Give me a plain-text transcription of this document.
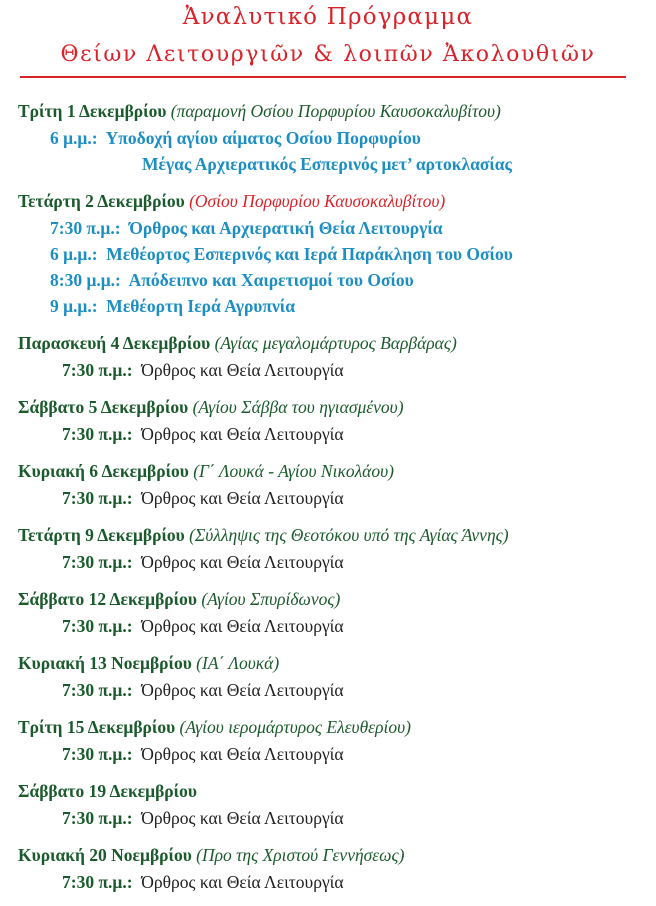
Ἀναλυτικό Πρόγραμμα
Θείων Λειτουργιῶν & λοιπῶν Ἀκολουθιῶν
Τρίτη 1 Δεκεμβρίου (παραμονή Οσίου Πορφυρίου Καυσοκαλυβίτου)
6 μ.μ.: Υποδοχή αγίου αίματος Οσίου Πορφυρίου
Μέγας Αρχιερατικός Εσπερινός μετ’ αρτοκλασίας
Τετάρτη 2 Δεκεμβρίου (Οσίου Πορφυρίου Καυσοκαλυβίτου)
7:30 π.μ.: Όρθρος και Αρχιερατική Θεία Λειτουργία
6 μ.μ.: Μεθέορτος Εσπερινός και Ιερά Παράκληση του Οσίου
8:30 μ.μ.: Απόδειπνο και Χαιρετισμοί του Οσίου
9 μ.μ.: Μεθέορτη Ιερά Αγρυπνία
Παρασκευή 4 Δεκεμβρίου (Αγίας μεγαλομάρτυρος Βαρβάρας)
7:30 π.μ.: Όρθρος και Θεία Λειτουργία
Σάββατο 5 Δεκεμβρίου (Αγίου Σάββα του ηγιασμένου)
7:30 π.μ.: Όρθρος και Θεία Λειτουργία
Κυριακή 6 Δεκεμβρίου (Γ΄ Λουκά - Αγίου Νικολάου)
7:30 π.μ.: Όρθρος και Θεία Λειτουργία
Τετάρτη 9 Δεκεμβρίου (Σύλληψις της Θεοτόκου υπό της Αγίας Άννης)
7:30 π.μ.: Όρθρος και Θεία Λειτουργία
Σάββατο 12 Δεκεμβρίου (Αγίου Σπυρίδωνος)
7:30 π.μ.: Όρθρος και Θεία Λειτουργία
Κυριακή 13 Νοεμβρίου (ΙΑ΄ Λουκά)
7:30 π.μ.: Όρθρος και Θεία Λειτουργία
Τρίτη 15 Δεκεμβρίου (Αγίου ιερομάρτυρος Ελευθερίου)
7:30 π.μ.: Όρθρος και Θεία Λειτουργία
Σάββατο 19 Δεκεμβρίου
7:30 π.μ.: Όρθρος και Θεία Λειτουργία
Κυριακή 20 Νοεμβρίου (Προ της Χριστού Γεννήσεως)
7:30 π.μ.: Όρθρος και Θεία Λειτουργία
